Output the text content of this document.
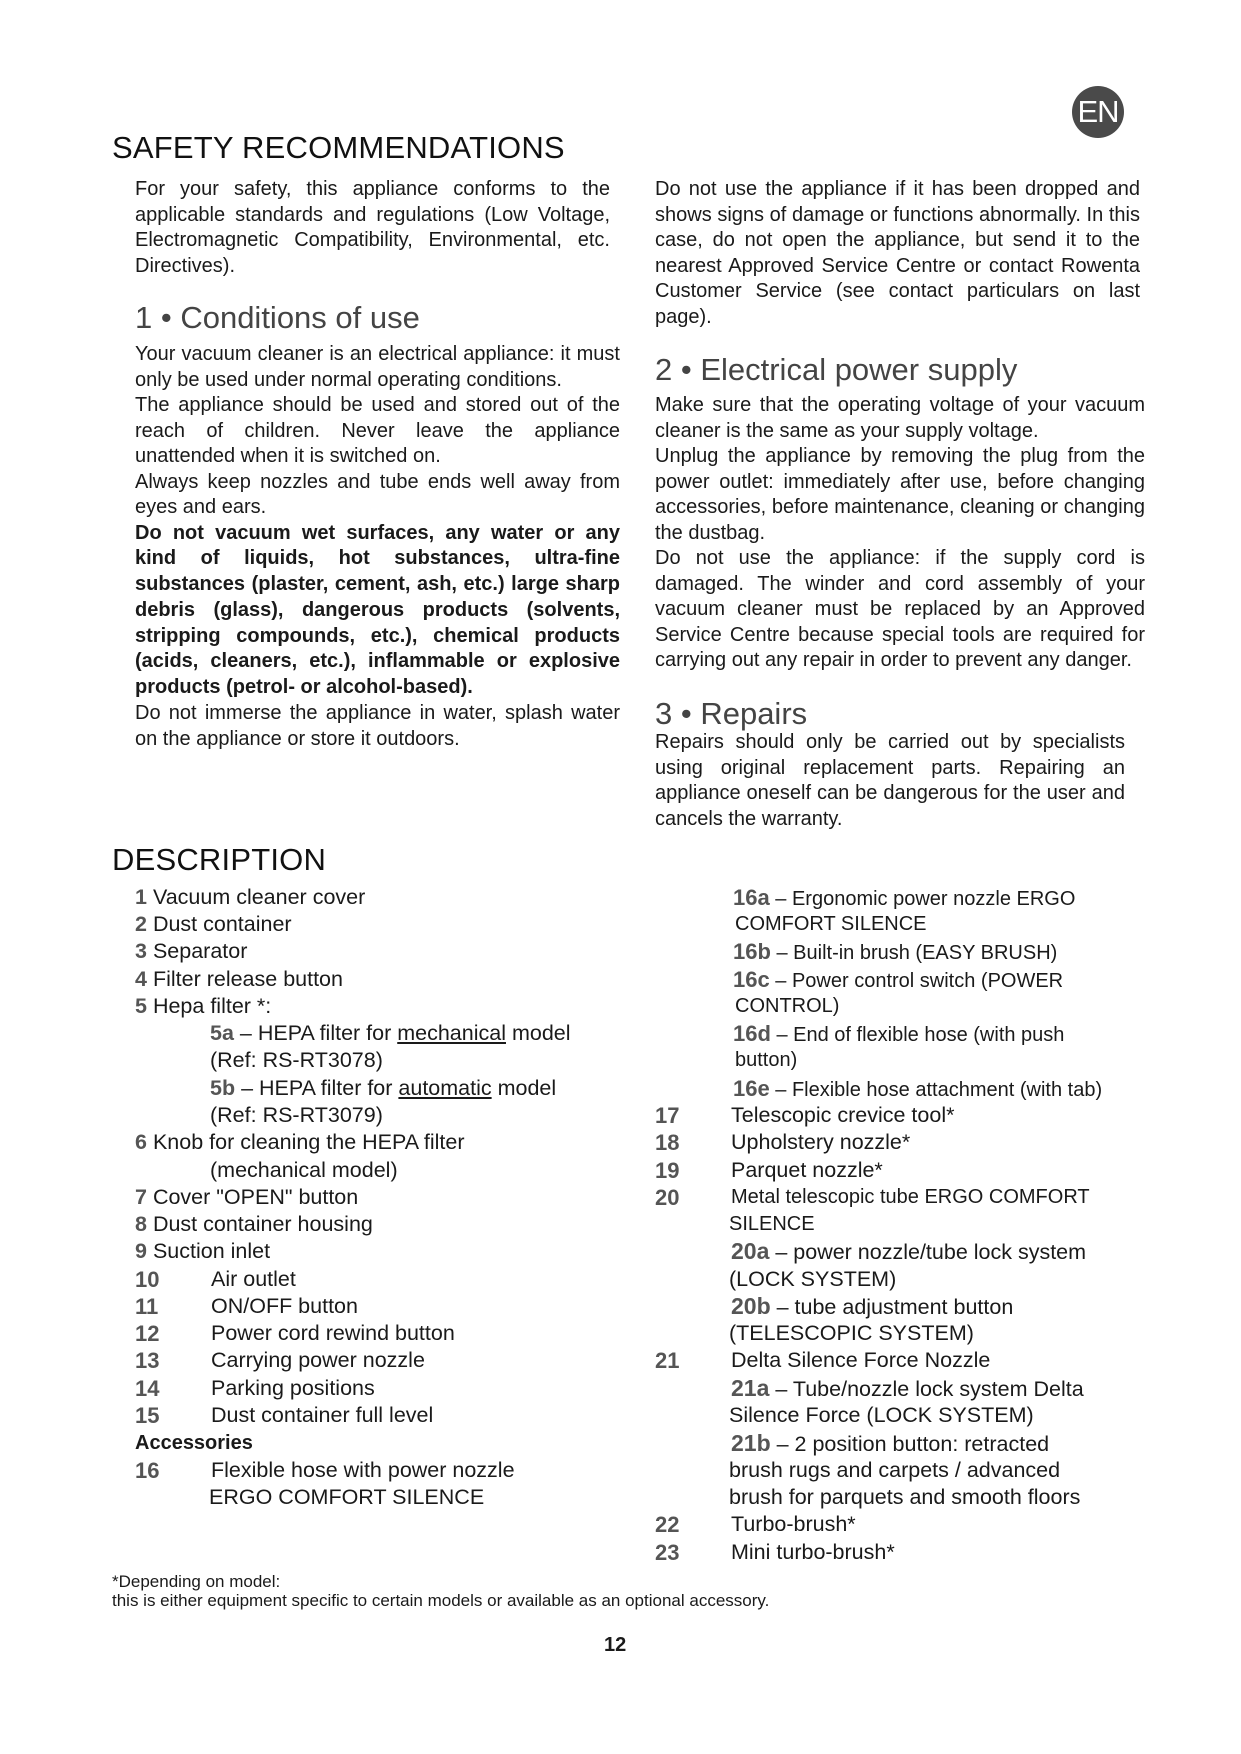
EN
SAFETY RECOMMENDATIONS

For your safety, this appliance conforms to the applicable standards and regulations (Low Voltage, Electromagnetic Compatibility, Environmental, etc. Directives).

1 • Conditions of use

Your vacuum cleaner is an electrical appliance: it must only be used under normal operating conditions.

The appliance should be used and stored out of the reach of children. Never leave the appliance unattended when it is switched on.

Always keep nozzles and tube ends well away from eyes and ears.

Do not vacuum wet surfaces, any water or any kind of liquids, hot substances, ultra-fine substances (plaster, cement, ash, etc.) large sharp debris (glass), dangerous products (solvents, stripping compounds, etc.), chemical products (acids, cleaners, etc.), inflammable or explosive products (petrol- or alcohol-based).

Do not immerse the appliance in water, splash water on the appliance or store it outdoors.

Do not use the appliance if it has been dropped and shows signs of damage or functions abnormally. In this case, do not open the appliance, but send it to the nearest Approved Service Centre or contact Rowenta Customer Service (see contact particulars on last page).

2 • Electrical power supply

Make sure that the operating voltage of your vacuum cleaner is the same as your supply voltage.

Unplug the appliance by removing the plug from the power outlet: immediately after use, before changing accessories, before maintenance, cleaning or changing the dustbag.

Do not use the appliance: if the supply cord is damaged. The winder and cord assembly of your vacuum cleaner must be replaced by an Approved Service Centre because special tools are required for carrying out any repair in order to prevent any danger.

3 • Repairs

Repairs should only be carried out by specialists using original replacement parts. Repairing an appliance oneself can be dangerous for the user and cancels the warranty.

DESCRIPTION
1 Vacuum cleaner cover
2 Dust container
3 Separator
4 Filter release button
5 Hepa filter *:
5a – HEPA filter for mechanical model
(Ref: RS-RT3078)
5b – HEPA filter for automatic model
(Ref: RS-RT3079)
6 Knob for cleaning the HEPA filter
(mechanical model)
7 Cover "OPEN" button
8 Dust container housing
9 Suction inlet
10 Air outlet
11 ON/OFF button
12 Power cord rewind button
13 Carrying power nozzle
14 Parking positions
15 Dust container full level
Accessories
16 Flexible hose with power nozzle
ERGO COMFORT SILENCE
16a – Ergonomic power nozzle ERGO
COMFORT SILENCE
16b – Built-in brush (EASY BRUSH)
16c – Power control switch (POWER
CONTROL)
16d – End of flexible hose (with push
button)
16e – Flexible hose attachment (with tab)
17 Telescopic crevice tool*
18 Upholstery nozzle*
19 Parquet nozzle*
20	Metal telescopic tube ERGO COMFORT
SILENCE
20a – power nozzle/tube lock system
(LOCK SYSTEM)
20b – tube adjustment button
(TELESCOPIC SYSTEM)
21 Delta Silence Force Nozzle
21a – Tube/nozzle lock system Delta
Silence Force (LOCK SYSTEM)
21b – 2 position button: retracted
brush rugs and carpets / advanced
brush for parquets and smooth floors
22 Turbo-brush*
23 Mini turbo-brush*
*Depending on model:
this is either equipment specific to certain models or available as an optional accessory.
12
